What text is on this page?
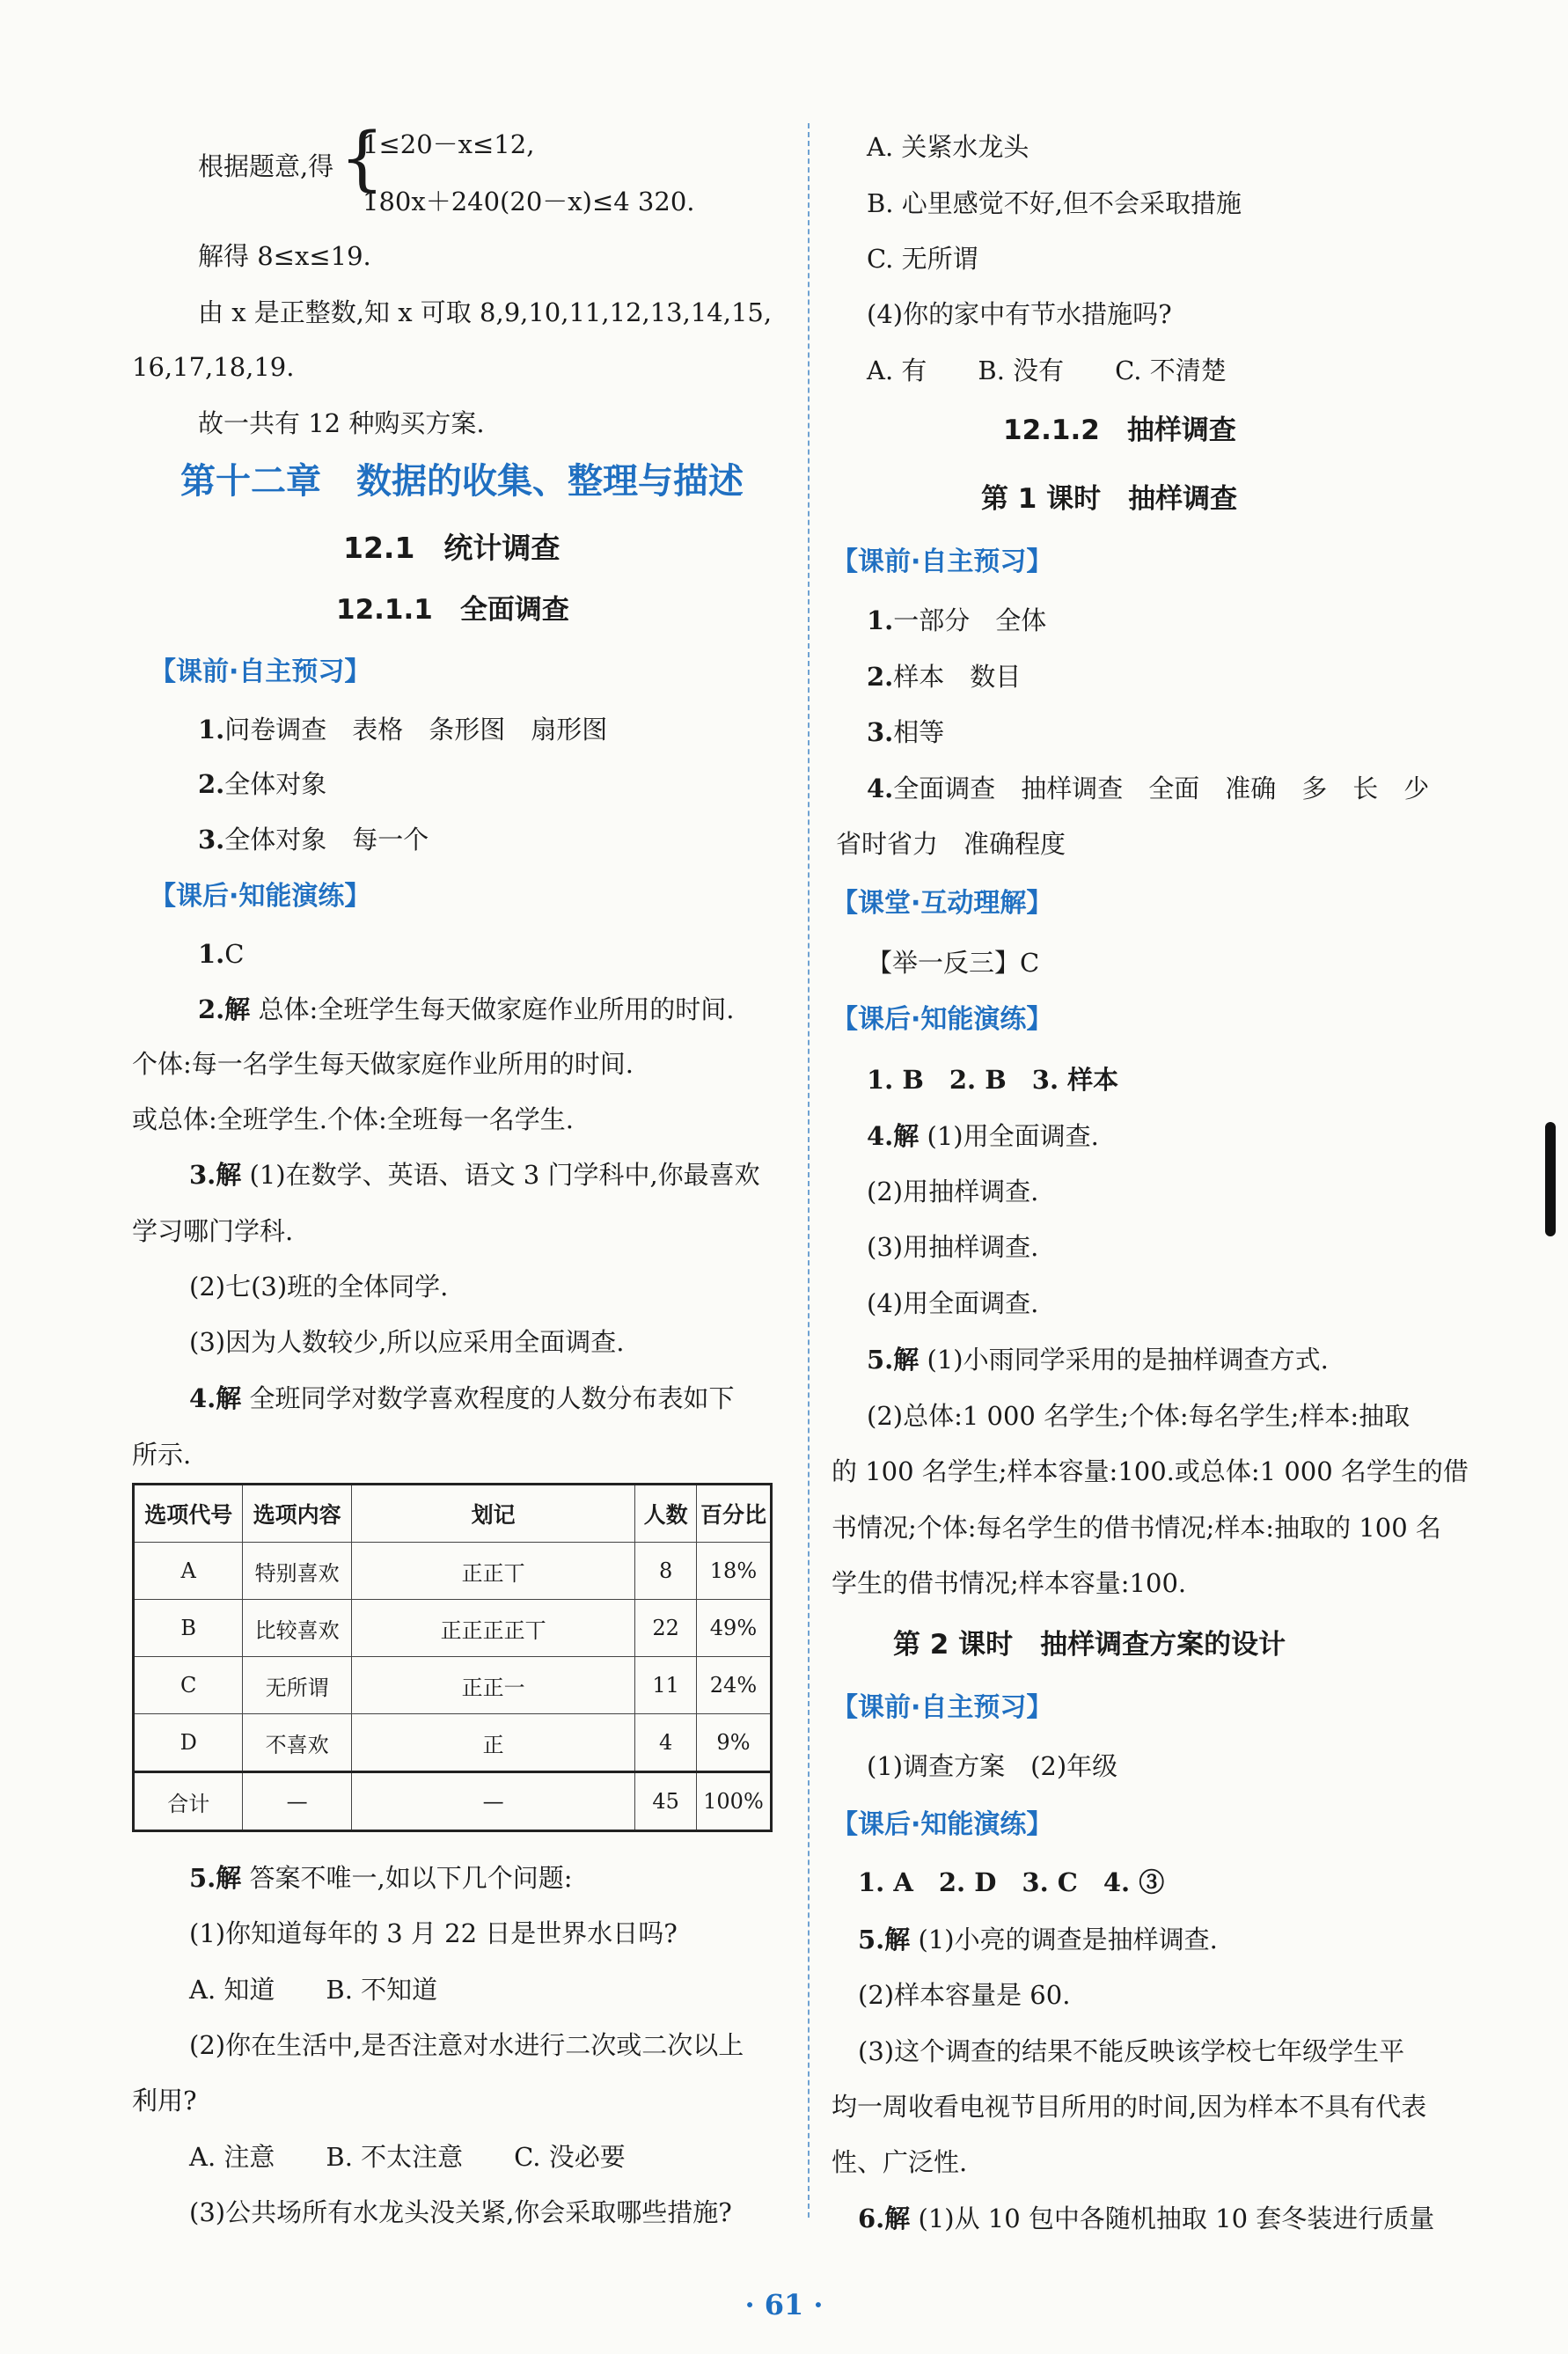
根据题意,得 {
1≤20－x≤12,
180x＋240(20－x)≤4 320.
解得 8≤x≤19.
由 x 是正整数,知 x 可取 8,9,10,11,12,13,14,15,
16,17,18,19.
故一共有 12 种购买方案.
第十二章　数据的收集、整理与描述
12.1　统计调查
12.1.1　全面调查
【课前·自主预习】
1.问卷调查　表格　条形图　扇形图
2.全体对象
3.全体对象　每一个
【课后·知能演练】
1.C
2.解 总体:全班学生每天做家庭作业所用的时间.
个体:每一名学生每天做家庭作业所用的时间.
或总体:全班学生.个体:全班每一名学生.
3.解 (1)在数学、英语、语文 3 门学科中,你最喜欢
学习哪门学科.
(2)七(3)班的全体同学.
(3)因为人数较少,所以应采用全面调查.
4.解 全班同学对数学喜欢程度的人数分布表如下
所示.
5.解 答案不唯一,如以下几个问题:
(1)你知道每年的 3 月 22 日是世界水日吗?
A. 知道　　B. 不知道
(2)你在生活中,是否注意对水进行二次或二次以上
利用?
A. 注意　　B. 不太注意　　C. 没必要
(3)公共场所有水龙头没关紧,你会采取哪些措施?
选项代号	选项内容	划记	人数	百分比
A	特别喜欢	正正丅	8	18%
B	比较喜欢	正正正正丅	22	49%
C	无所谓	正正一	11	24%
D	不喜欢	正	4	9%
合计	—	—	45	100%
A. 关紧水龙头
B. 心里感觉不好,但不会采取措施
C. 无所谓
(4)你的家中有节水措施吗?
A. 有　　B. 没有　　C. 不清楚
12.1.2　抽样调查
第 1 课时　抽样调查
【课前·自主预习】
1.一部分　全体
2.样本　数目
3.相等
4.全面调查　抽样调查　全面　准确　多　长　少
省时省力　准确程度
【课堂·互动理解】
【举一反三】C
【课后·知能演练】
1. B　2. B　3. 样本
4.解 (1)用全面调查.
(2)用抽样调查.
(3)用抽样调查.
(4)用全面调查.
5.解 (1)小雨同学采用的是抽样调查方式.
(2)总体:1 000 名学生;个体:每名学生;样本:抽取
的 100 名学生;样本容量:100.或总体:1 000 名学生的借
书情况;个体:每名学生的借书情况;样本:抽取的 100 名
学生的借书情况;样本容量:100.
第 2 课时　抽样调查方案的设计
【课前·自主预习】
(1)调查方案　(2)年级
【课后·知能演练】
1. A　2. D　3. C　4. ③
5.解 (1)小亮的调查是抽样调查.
(2)样本容量是 60.
(3)这个调查的结果不能反映该学校七年级学生平
均一周收看电视节目所用的时间,因为样本不具有代表
性、广泛性.
6.解 (1)从 10 包中各随机抽取 10 套冬装进行质量
· 61 ·
